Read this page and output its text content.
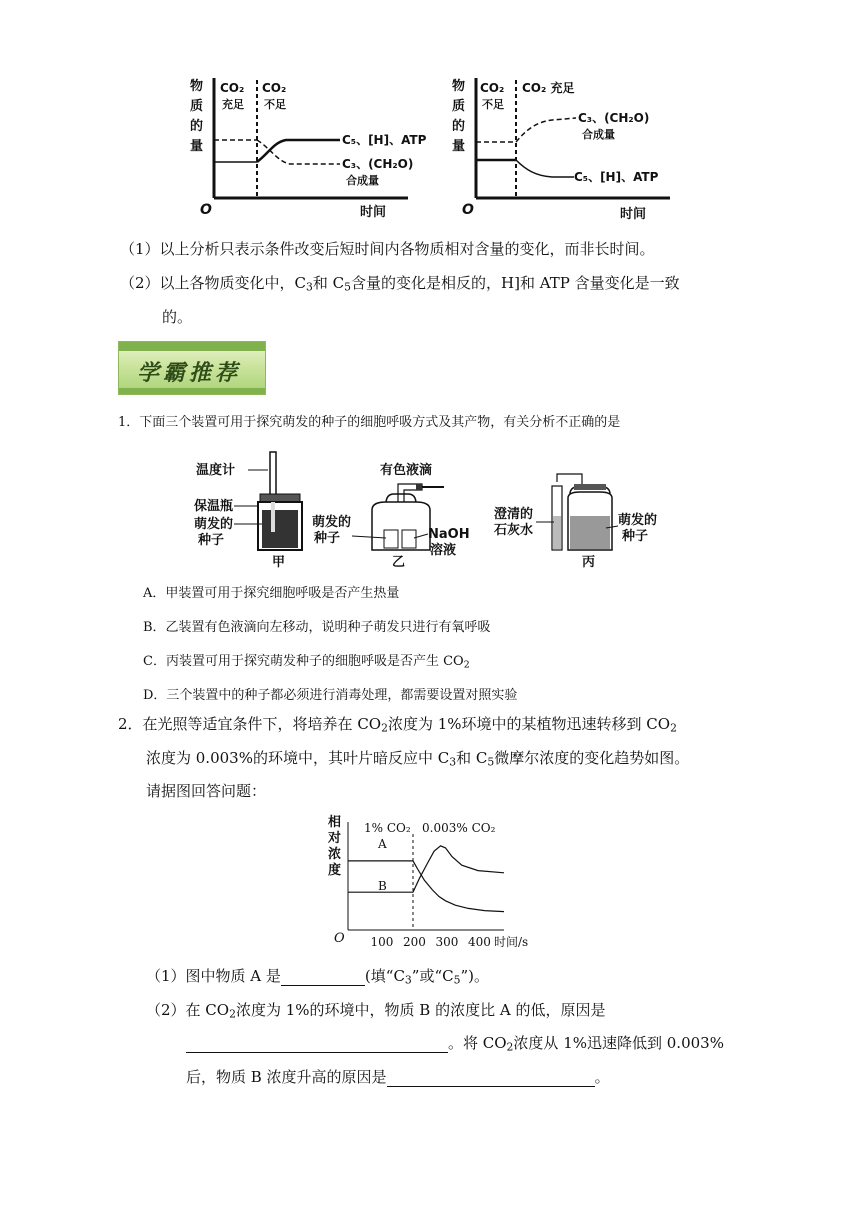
物
质
的
量
O	时间
CO₂
充足
CO₂
不足
C₅、[H]、ATP
C₃、(CH₂O)
合成量
物
质
的
量
O	时间
CO₂
不足
CO₂ 充足
C₃、(CH₂O)
合成量
C₅、[H]、ATP
（1）以上分析只表示条件改变后短时间内各物质相对含量的变化，而非长时间。
（2）以上各物质变化中，$C_3$和 $C_5$含量的变化是相反的，H]和 ATP 含量变化是一致
的。
学霸推荐
1．下面三个装置可用于探究萌发的种子的细胞呼吸方式及其产物，有关分析不正确的是
温度计
保温瓶
萌发的
种子
甲
有色液滴
萌发的
种子	NaOH
溶液
乙
澄清的
石灰水
萌发的
种子
丙
A．甲装置可用于探究细胞呼吸是否产生热量
B．乙装置有色液滴向左移动，说明种子萌发只进行有氧呼吸
C．丙装置可用于探究萌发种子的细胞呼吸是否产生 $CO_2$
D．三个装置中的种子都必须进行消毒处理，都需要设置对照实验
2．在光照等适宜条件下，将培养在 $CO_2$浓度为 1%环境中的某植物迅速转移到 $CO_2$
浓度为 0.003%的环境中，其叶片暗反应中 $C_3$和 $C_5$微摩尔浓度的变化趋势如图。
请据图回答问题：
相
对
浓
度
O 100 200 300 400 时间/s
1% CO₂ 0.003% CO₂
A
B
（1）图中物质 A 是	(填“$C_3$”或“$C_5$”)。
（2）在 $CO_2$浓度为 1%的环境中，物质 B 的浓度比 A 的低，原因是
。将 $CO_2$浓度从 1%迅速降低到 0.003%
后，物质 B 浓度升高的原因是	。
